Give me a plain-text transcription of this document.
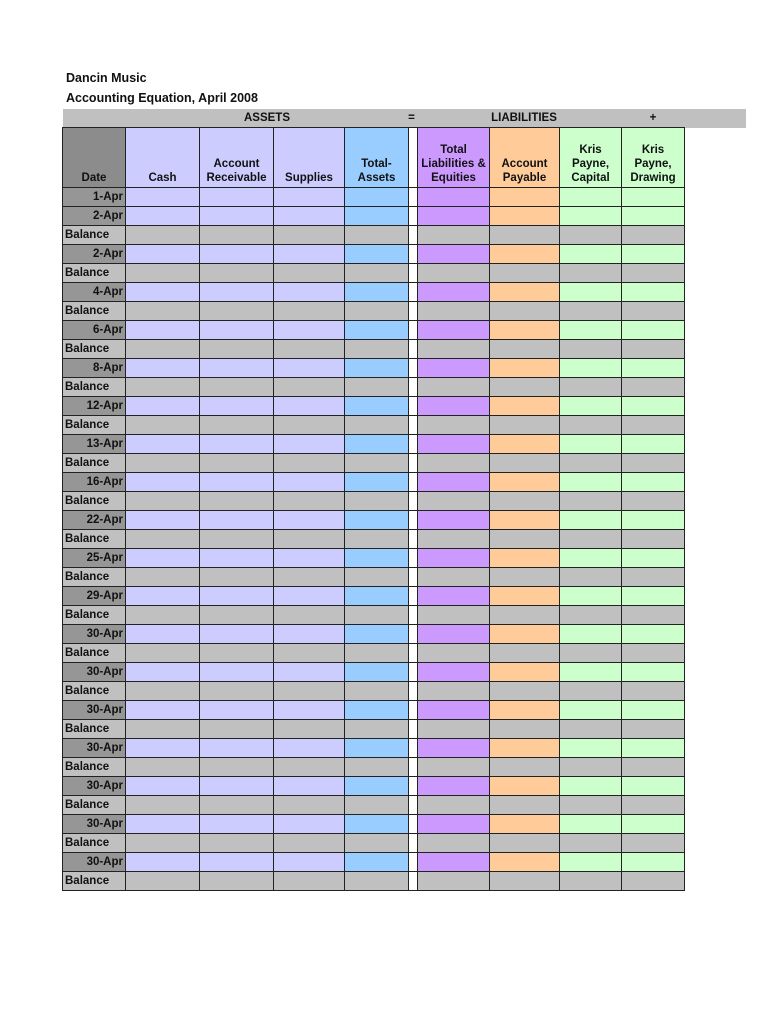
Dancin Music
Accounting Equation, April 2008
ASSETS	=	LIABILITIES	+
Date	Cash	Account Receivable	Supplies	Total-Assets		Total Liabilities & Equities	Account Payable	Kris Payne, Capital	Kris Payne, Drawing
1-Apr									
2-Apr									
Balance									
2-Apr									
Balance									
4-Apr									
Balance									
6-Apr									
Balance									
8-Apr									
Balance									
12-Apr									
Balance									
13-Apr									
Balance									
16-Apr									
Balance									
22-Apr									
Balance									
25-Apr									
Balance									
29-Apr									
Balance									
30-Apr									
Balance									
30-Apr									
Balance									
30-Apr									
Balance									
30-Apr									
Balance									
30-Apr									
Balance									
30-Apr									
Balance									
30-Apr									
Balance									
